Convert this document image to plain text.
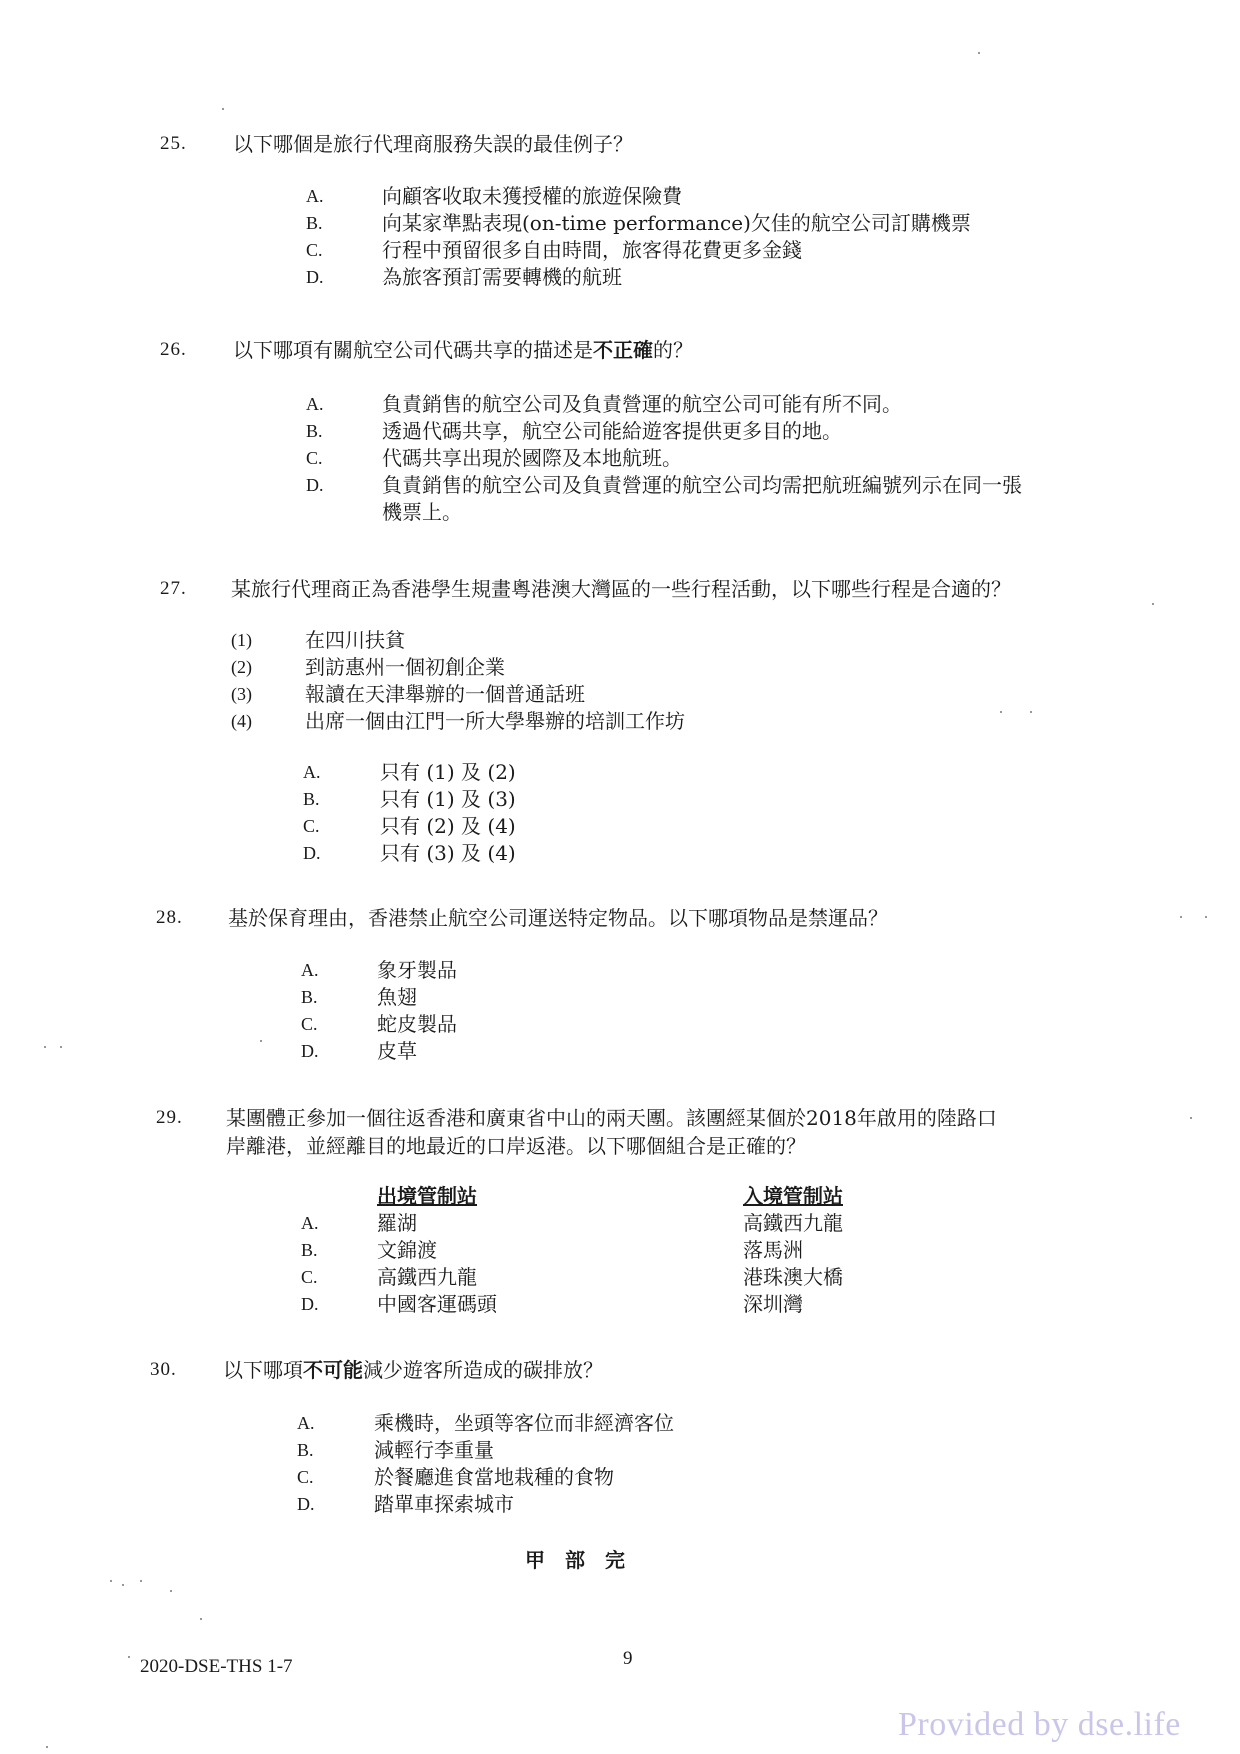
25. 以下哪個是旅行代理商服務失誤的最佳例子？
A.	向顧客收取未獲授權的旅遊保險費
B.	向某家準點表現(on-time performance)欠佳的航空公司訂購機票
C.	行程中預留很多自由時間，旅客得花費更多金錢
D.	為旅客預訂需要轉機的航班
26. 以下哪項有關航空公司代碼共享的描述是不正確的？
A.	負責銷售的航空公司及負責營運的航空公司可能有所不同。
B.	透過代碼共享，航空公司能給遊客提供更多目的地。
C.	代碼共享出現於國際及本地航班。
D.	負責銷售的航空公司及負責營運的航空公司均需把航班編號列示在同一張
機票上。
27. 某旅行代理商正為香港學生規畫粵港澳大灣區的一些行程活動，以下哪些行程是合適的？
(1)	在四川扶貧
(2)	到訪惠州一個初創企業
(3)	報讀在天津舉辦的一個普通話班
(4)	出席一個由江門一所大學舉辦的培訓工作坊
A.	只有 (1) 及 (2)
B.	只有 (1) 及 (3)
C.	只有 (2) 及 (4)
D.	只有 (3) 及 (4)
28. 基於保育理由，香港禁止航空公司運送特定物品。以下哪項物品是禁運品？
A.	象牙製品
B.	魚翅
C.	蛇皮製品
D.	皮草
29. 某團體正參加一個往返香港和廣東省中山的兩天團。該團經某個於2018年啟用的陸路口
岸離港，並經離目的地最近的口岸返港。以下哪個組合是正確的？
出境管制站	入境管制站
A.	羅湖	高鐵西九龍
B.	文錦渡	落馬洲
C.	高鐵西九龍	港珠澳大橋
D.	中國客運碼頭	深圳灣
30. 以下哪項不可能減少遊客所造成的碳排放？
A.	乘機時，坐頭等客位而非經濟客位
B.	減輕行李重量
C.	於餐廳進食當地栽種的食物
D.	踏單車探索城市
甲部完
2020-DSE-THS 1-7	9
Provided by dse.life
